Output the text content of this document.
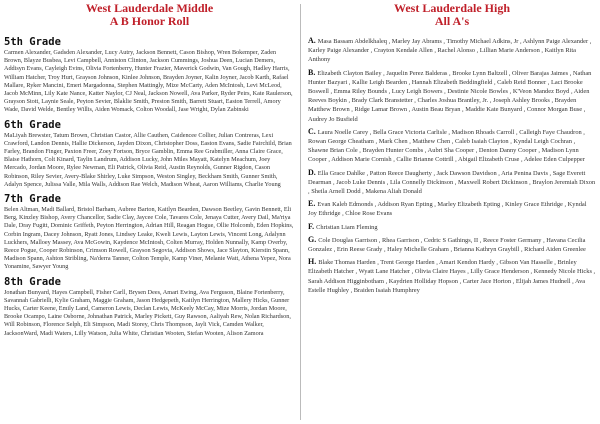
West Lauderdale Middle

A B Honor Roll

5th Grade

Carmen Alexander, Gadsden Alexander, Lucy Autry, Jackson Bennett, Cason Bishop, Wren Bokemper, Zaden Brown, Blayze Busbea, Levi Campbell, Anniston Clinton, Jackson Cummings, Joshua Deen, Lucian Demers, Addisyn Evans, Cayleigh Evins, Olivia Fortenberry, Hunter Frazier, Maverick Godwin, Van Gough, Hadley Harris, William Hatcher, Troy Hurt, Grayson Johnson, Kinlee Johnson, Brayden Joyner, Kalin Joyner, Jacob Karth, Rafael Mallare, Ryker Mancini, Emeri Margadonna, Stephen Mattingly, Mize McCarty, Aden McIntosh, Levi McLeod, Jacob McMinn, Lily Kate Nance, Katter Naylor, CJ Neal, Jackson Nowell, Ava Parker, Ryder Peirs, Kate Raulerson, Grayson Stott, Laynie Seale, Peyton Sevier, Blaklie Smith, Preston Smith, Barrett Stuart, Easton Terrell, Amory Wade, David Welde, Bentley Willis, Aiden Womack, Colton Woodall, Jase Wright, Dylan Zabinski

6th Grade

MaLiyah Brewster, Tatum Brown, Christian Castor, Allie Cauthen, Caidencee Collier, Julian Contreras, Lexi Crawford, Landon Dennis, Hallie Dickerson, Jayden Dixon, Christopher Doss, Easton Evans, Sadie Fairchild, Brian Farley, Brandon Finger, Paxton Freer, Zoey Fortson, Bryce Gamblin, Emma Ree Grabmiller, Anna Claire Grace, Blaise Hathorn, Colt Kinard, Taylin Landrum, Addison Lucky, John Miles Mayatt, Katelyn Meachum, Joey Mercado, Jordan Moore, Rylee Newman, Eli Patrick, Olivia Reid, Austin Reynolds, Gunner Rigdon, Cason Robinson, Riley Sevier, Avery-Blake Shirley, Luke Simpson, Weston Singley, Beckham Smith, Gunner Smith, Adalyn Spence, Julissa Valle, Mila Walls, Addison Rae Welch, Madison Wheat, Aaron Williams, Charlie Young

7th Grade

Belen Altman, Madi Ballard, Bristol Barham, Aubree Barton, Kaitlyn Bearden, Dawson Beetley, Gavin Bennett, Eli Berg, Kinzley Bishop, Avery Chancellor, Sadie Clay, Jaycee Cole, Tavares Cole, Jenaya Cutter, Avery Dail, Ma'riya Dale, Dray Fugitt, Dominic Griffeth, Peyton Herrington, Adrian Hill, Reagan Hogue, Ollie Holcomb, Eden Hopkins, Corbin Ingram, Dacey Johnson, Ryatt Jones, Lindsey Leake, Kweli Lewis, Layton Lewis, Vincent Long, Adalynn Luckhers, Malloey Massey, Ava McGowin, Kaydence McIntosh, Colten Murray, Holden Nunnally, Kamp Overby, Reece Pogue, Cooper Robinson, Crimson Rowell, Grayson Segovia, Addison Shows, Jace Slayton, Kierstin Spann, Madison Spann, Ashton Stribling, Na'derra Tanner, Colton Temple, Kamp Viner, Melanie Watt, Athena Yepez, Nora Yonamine, Sawyer Young

8th Grade

Jonathan Bunyard, Hayes Campbell, Fisher Carll, Brysen Dees, Amari Ewing, Ava Ferguson, Blaine Fortenberry, Savannah Gabrielli, Kylie Graham, Maggie Graham, Jason Hedgepeth, Kaitlyn Herrington, Mallery Hicks, Gunner Hucks, Carter Keene, Emily Land, Cameron Lewis, Declan Lewis, McKeely McCay, Mize Morris, Jordan Moore, Brooke Ocampo, Laine Osborne, Johnathan Patrick, Marley Pickett, Guy Rawson, Aaliyah Rew, Nolan Richardson, Will Robinson, Florence Selph, Eli Simpson, Madi Storey, Chris Thompson, Jayli Vick, Camden Walker, JacksonWard, Madi Waters, Lilly Watson, Julia White, Christian Wooten, Stefan Wooten, Alison Zamora

West Lauderdale High

All A's

A. Masa Bassam Abdelkhaleq , Marley Jay Abrams , Timothy Michael Adkins, Jr , Ashlynn Paige Alexander , Karley Paige Alexander , Crayton Kendale Allen , Rachel Alonso , Lillian Marie Anderson , Kaitlyn Rita Anthony

B. Elizabeth Clayton Bailey , Jaquelin Perez Balderas , Brooke Lynn Baltzell , Oliver Barajas Jaimes , Nathan Hunter Bazyari , Kallie Leigh Bearden , Hannah Elizabeth Beddingfield , Caleb Reid Bonner , Laci Brooke Boswell , Emma Riley Bounds , Lucy Leigh Bowers , Destinie Nicole Bowles , K'Veon Mandez Boyd , Aiden Reeves Boykin , Brady Clark Branstetter , Charles Joshua Brantley, Jr. , Joseph Ashley Brooks , Brayden Matthew Brown , Ridge Lamar Brown , Austin Beau Bryan , Maddie Kate Bunyard , Connor Morgan Buse , Audrey Jo Busfield

C. Laura Noelle Carey , Bella Grace Victoria Carlisle , Madison Rhoads Carroll , Calleigh Faye Chaudron , Rowan George Cheatham , Mark Chen , Matthew Chen , Caleb Isaiah Clayton , Kyndal Leigh Cochran , Shawne Brian Cole , Brayden Hunter Combs , Aubri Sha Cooper , Denton Danny Cooper , Madison Lynn Cooper , Addison Marie Cornish , Callie Brianne Cottrill , Abigail Elizabeth Cruse , Adelee Eden Culpepper

D. Ella Grace Dahlke , Patton Reece Daugherty , Jack Dawson Davidson , Aria Penina Davis , Sage Everett Dearman , Jacob Luke Dennis , Lila Connelly Dickinson , Maxwell Robert Dickinson , Braylon Jeremiah Dixon , Sheila Arnell Dodd , Makena Aliah Donald

E. Evan Kaleb Edmonds , Addison Ryan Epting , Marley Elizabeth Epting , Kinley Grace Ethridge , Kyndal Joy Ethridge , Chloe Rose Evans

F. Christian Liam Fleming

G. Cole Douglas Garrison , Rhea Garrison , Cedric S Gathings, II , Reece Foster Germany , Havana Cecilia Gonzalez , Erin Reese Grady , Haley Michelle Graham , Brianna Kathryn Graybill , Richard Aiden Greenlee

H. Blake Thomas Harden , Trent George Harden , Amari Kendon Hardy , Gibson Van Hasselle , Brinley Elizabeth Hatcher , Wyatt Lane Hatcher , Olivia Claire Hayes , Lilly Grace Henderson , Kennedy Nicole Hicks , Sarah Addison Higginbotham , Kaydrien Holliday Hopson , Carter Jace Horton , Elijah James Hudnell , Ava Estelle Hughley , Braiden Isaiah Humphrey
